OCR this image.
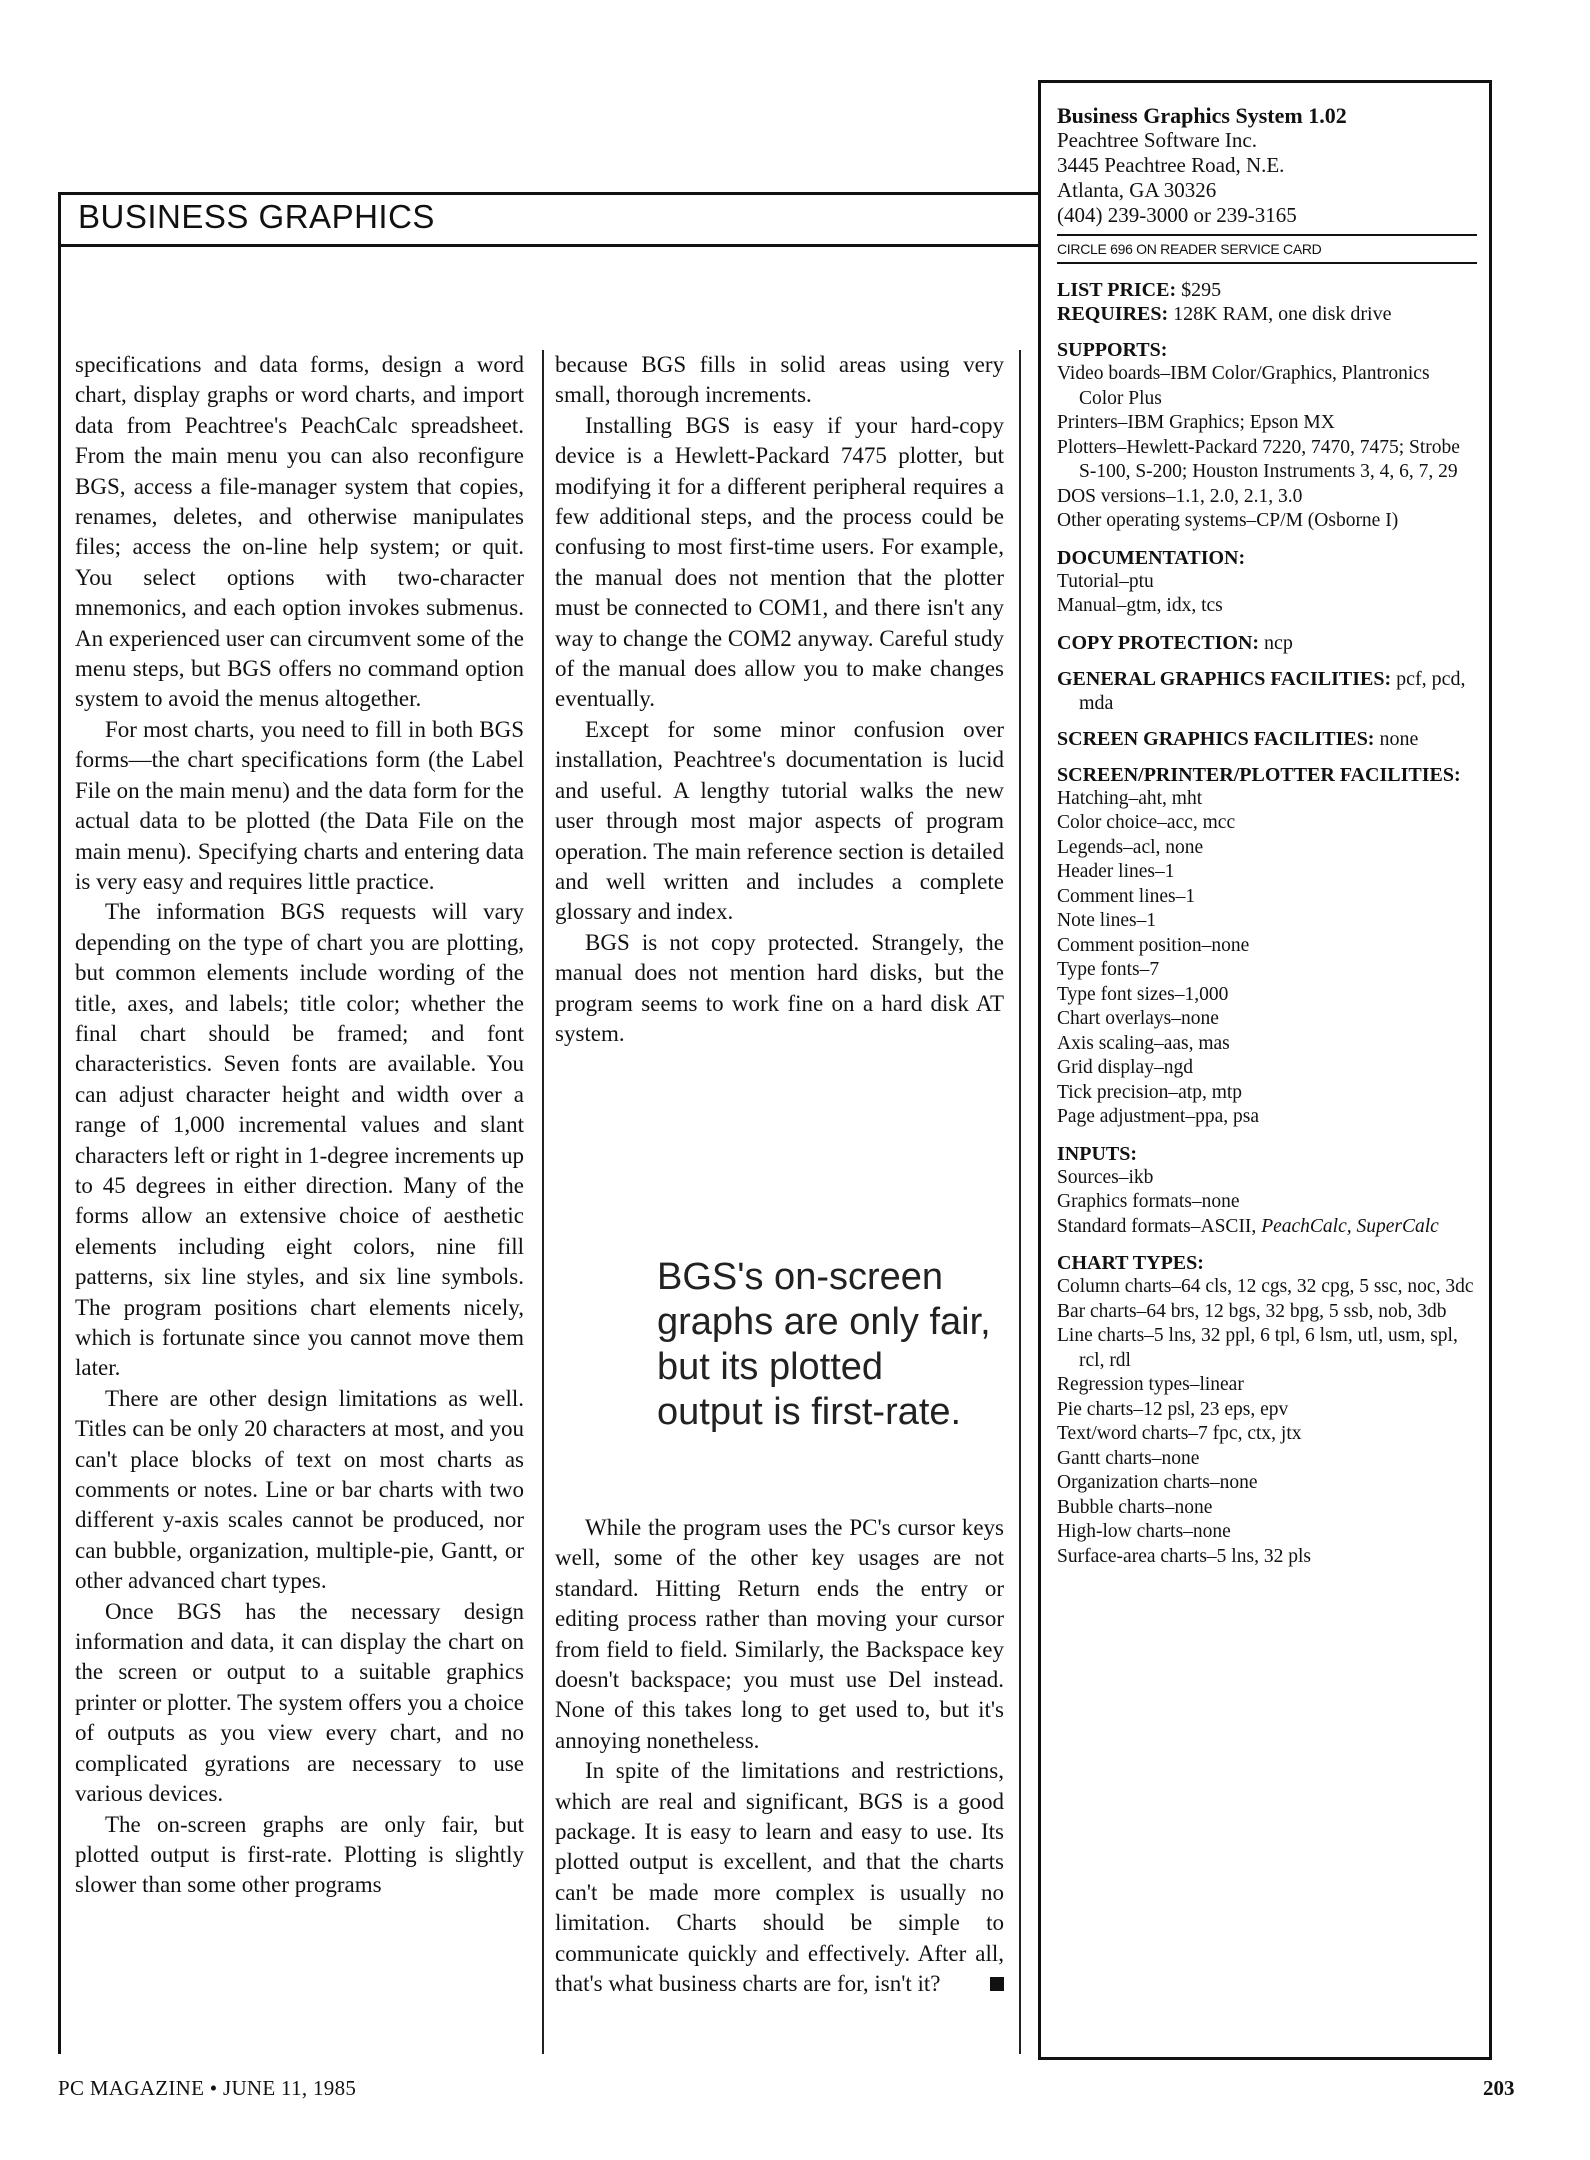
BUSINESS GRAPHICS

specifications and data forms, design a word chart, display graphs or word charts, and import data from Peachtree's PeachCalc spreadsheet. From the main menu you can also reconfigure BGS, access a file-manager system that copies, renames, deletes, and otherwise manipulates files; access the on-line help system; or quit. You select options with two-character mnemonics, and each option invokes submenus. An experienced user can circumvent some of the menu steps, but BGS offers no command option system to avoid the menus altogether.

For most charts, you need to fill in both BGS forms—the chart specifications form (the Label File on the main menu) and the data form for the actual data to be plotted (the Data File on the main menu). Specifying charts and entering data is very easy and requires little practice.

The information BGS requests will vary depending on the type of chart you are plotting, but common elements include wording of the title, axes, and labels; title color; whether the final chart should be framed; and font characteristics. Seven fonts are available. You can adjust character height and width over a range of 1,000 incremental values and slant characters left or right in 1-degree increments up to 45 degrees in either direction. Many of the forms allow an extensive choice of aesthetic elements including eight colors, nine fill patterns, six line styles, and six line symbols. The program positions chart elements nicely, which is fortunate since you cannot move them later.

There are other design limitations as well. Titles can be only 20 characters at most, and you can't place blocks of text on most charts as comments or notes. Line or bar charts with two different y-axis scales cannot be produced, nor can bubble, organization, multiple-pie, Gantt, or other advanced chart types.

Once BGS has the necessary design information and data, it can display the chart on the screen or output to a suitable graphics printer or plotter. The system offers you a choice of outputs as you view every chart, and no complicated gyrations are necessary to use various devices.

The on-screen graphs are only fair, but plotted output is first-rate. Plotting is slightly slower than some other programs

because BGS fills in solid areas using very small, thorough increments.

Installing BGS is easy if your hard-copy device is a Hewlett-Packard 7475 plotter, but modifying it for a different peripheral requires a few additional steps, and the process could be confusing to most first-time users. For example, the manual does not mention that the plotter must be connected to COM1, and there isn't any way to change the COM2 anyway. Careful study of the manual does allow you to make changes eventually.

Except for some minor confusion over installation, Peachtree's documentation is lucid and useful. A lengthy tutorial walks the new user through most major aspects of program operation. The main reference section is detailed and well written and includes a complete glossary and index.

BGS is not copy protected. Strangely, the manual does not mention hard disks, but the program seems to work fine on a hard disk AT system.

BGS's on-screen graphs are only fair, but its plotted output is first-rate.

While the program uses the PC's cursor keys well, some of the other key usages are not standard. Hitting Return ends the entry or editing process rather than moving your cursor from field to field. Similarly, the Backspace key doesn't backspace; you must use Del instead. None of this takes long to get used to, but it's annoying nonetheless.

In spite of the limitations and restrictions, which are real and significant, BGS is a good package. It is easy to learn and easy to use. Its plotted output is excellent, and that the charts can't be made more complex is usually no limitation. Charts should be simple to communicate quickly and effectively. After all, that's what business charts are for, isn't it?

Business Graphics System 1.02
Peachtree Software Inc.
3445 Peachtree Road, N.E.
Atlanta, GA 30326
(404) 239-3000 or 239-3165
CIRCLE 696 ON READER SERVICE CARD
LIST PRICE: $295
REQUIRES: 128K RAM, one disk drive
SUPPORTS:
Video boards–IBM Color/Graphics, Plantronics Color Plus
Printers–IBM Graphics; Epson MX
Plotters–Hewlett-Packard 7220, 7470, 7475; Strobe S-100, S-200; Houston Instruments 3, 4, 6, 7, 29
DOS versions–1.1, 2.0, 2.1, 3.0
Other operating systems–CP/M (Osborne I)
DOCUMENTATION:
Tutorial–ptu
Manual–gtm, idx, tcs
COPY PROTECTION: ncp
GENERAL GRAPHICS FACILITIES: pcf, pcd, mda
SCREEN GRAPHICS FACILITIES: none
SCREEN/PRINTER/PLOTTER FACILITIES:
Hatching–aht, mht
Color choice–acc, mcc
Legends–acl, none
Header lines–1
Comment lines–1
Note lines–1
Comment position–none
Type fonts–7
Type font sizes–1,000
Chart overlays–none
Axis scaling–aas, mas
Grid display–ngd
Tick precision–atp, mtp
Page adjustment–ppa, psa
INPUTS:
Sources–ikb
Graphics formats–none
Standard formats–ASCII, PeachCalc, SuperCalc
CHART TYPES:
Column charts–64 cls, 12 cgs, 32 cpg, 5 ssc, noc, 3dc
Bar charts–64 brs, 12 bgs, 32 bpg, 5 ssb, nob, 3db
Line charts–5 lns, 32 ppl, 6 tpl, 6 lsm, utl, usm, spl, rcl, rdl
Regression types–linear
Pie charts–12 psl, 23 eps, epv
Text/word charts–7 fpc, ctx, jtx
Gantt charts–none
Organization charts–none
Bubble charts–none
High-low charts–none
Surface-area charts–5 lns, 32 pls
PC MAGAZINE • JUNE 11, 1985	203
